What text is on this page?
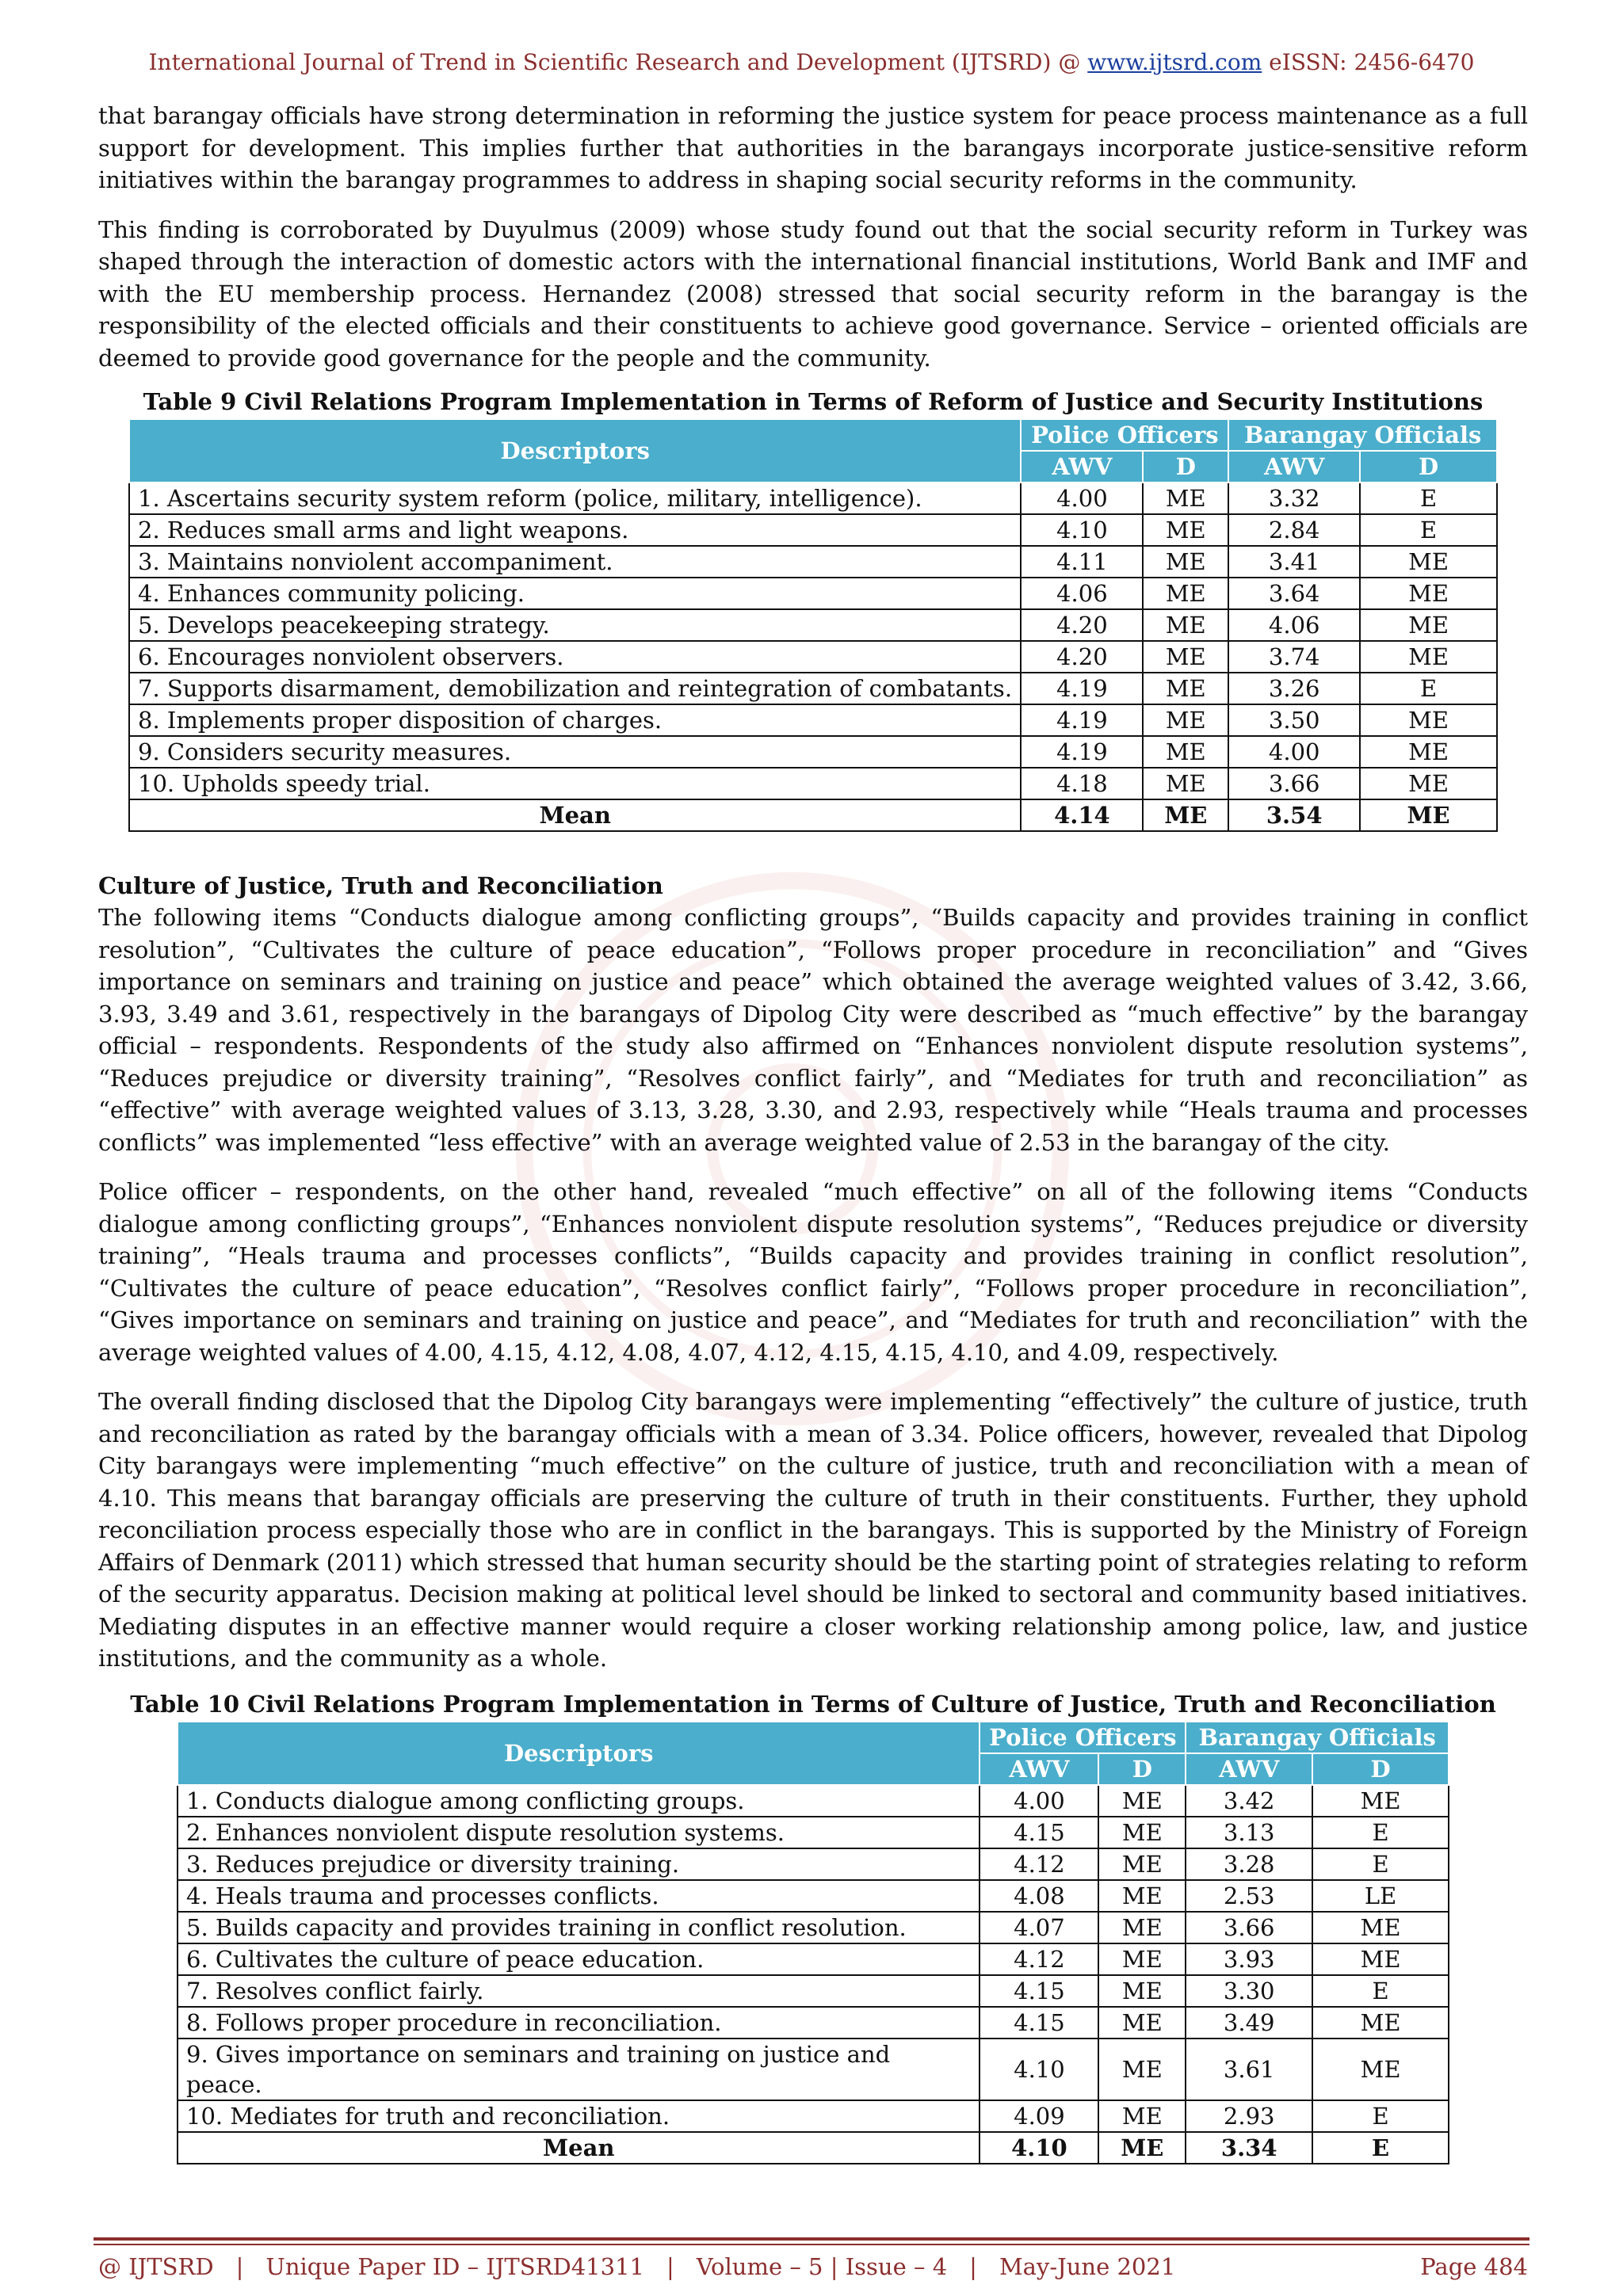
International Journal of Trend in Scientific Research and Development (IJTSRD) @ www.ijtsrd.com eISSN: 2456-6470

that barangay officials have strong determination in reforming the justice system for peace process maintenance as a full support for development. This implies further that authorities in the barangays incorporate justice-sensitive reform initiatives within the barangay programmes to address in shaping social security reforms in the community.

This finding is corroborated by Duyulmus (2009) whose study found out that the social security reform in Turkey was shaped through the interaction of domestic actors with the international financial institutions, World Bank and IMF and with the EU membership process. Hernandez (2008) stressed that social security reform in the barangay is the responsibility of the elected officials and their constituents to achieve good governance. Service – oriented officials are deemed to provide good governance for the people and the community.

Table 9 Civil Relations Program Implementation in Terms of Reform of Justice and Security Institutions
Descriptors	Police Officers		Barangay Officials	
	AWV	D	AWV	D
1. Ascertains security system reform (police, military, intelligence).	4.00	ME	3.32	E
2. Reduces small arms and light weapons.	4.10	ME	2.84	E
3. Maintains nonviolent accompaniment.	4.11	ME	3.41	ME
4. Enhances community policing.	4.06	ME	3.64	ME
5. Develops peacekeeping strategy.	4.20	ME	4.06	ME
6. Encourages nonviolent observers.	4.20	ME	3.74	ME
7. Supports disarmament, demobilization and reintegration of combatants.	4.19	ME	3.26	E
8. Implements proper disposition of charges.	4.19	ME	3.50	ME
9. Considers security measures.	4.19	ME	4.00	ME
10. Upholds speedy trial.	4.18	ME	3.66	ME
Mean	4.14	ME	3.54	ME
Culture of Justice, Truth and Reconciliation

The following items “Conducts dialogue among conflicting groups”, “Builds capacity and provides training in conflict resolution”, “Cultivates the culture of peace education”, “Follows proper procedure in reconciliation” and “Gives importance on seminars and training on justice and peace” which obtained the average weighted values of 3.42, 3.66, 3.93, 3.49 and 3.61, respectively in the barangays of Dipolog City were described as “much effective” by the barangay official – respondents. Respondents of the study also affirmed on “Enhances nonviolent dispute resolution systems”, “Reduces prejudice or diversity training”, “Resolves conflict fairly”, and “Mediates for truth and reconciliation” as “effective” with average weighted values of 3.13, 3.28, 3.30, and 2.93, respectively while “Heals trauma and processes conflicts” was implemented “less effective” with an average weighted value of 2.53 in the barangay of the city.

Police officer – respondents, on the other hand, revealed “much effective” on all of the following items “Conducts dialogue among conflicting groups”, “Enhances nonviolent dispute resolution systems”, “Reduces prejudice or diversity training”, “Heals trauma and processes conflicts”, “Builds capacity and provides training in conflict resolution”, “Cultivates the culture of peace education”, “Resolves conflict fairly”, “Follows proper procedure in reconciliation”, “Gives importance on seminars and training on justice and peace”, and “Mediates for truth and reconciliation” with the average weighted values of 4.00, 4.15, 4.12, 4.08, 4.07, 4.12, 4.15, 4.15, 4.10, and 4.09, respectively.

The overall finding disclosed that the Dipolog City barangays were implementing “effectively” the culture of justice, truth and reconciliation as rated by the barangay officials with a mean of 3.34. Police officers, however, revealed that Dipolog City barangays were implementing “much effective” on the culture of justice, truth and reconciliation with a mean of 4.10. This means that barangay officials are preserving the culture of truth in their constituents. Further, they uphold reconciliation process especially those who are in conflict in the barangays. This is supported by the Ministry of Foreign Affairs of Denmark (2011) which stressed that human security should be the starting point of strategies relating to reform of the security apparatus. Decision making at political level should be linked to sectoral and community based initiatives. Mediating disputes in an effective manner would require a closer working relationship among police, law, and justice institutions, and the community as a whole.

Table 10 Civil Relations Program Implementation in Terms of Culture of Justice, Truth and Reconciliation
Descriptors	Police Officers		Barangay Officials	
	AWV	D	AWV	D
1. Conducts dialogue among conflicting groups.	4.00	ME	3.42	ME
2. Enhances nonviolent dispute resolution systems.	4.15	ME	3.13	E
3. Reduces prejudice or diversity training.	4.12	ME	3.28	E
4. Heals trauma and processes conflicts.	4.08	ME	2.53	LE
5. Builds capacity and provides training in conflict resolution.	4.07	ME	3.66	ME
6. Cultivates the culture of peace education.	4.12	ME	3.93	ME
7. Resolves conflict fairly.	4.15	ME	3.30	E
8. Follows proper procedure in reconciliation.	4.15	ME	3.49	ME
9. Gives importance on seminars and training on justice and peace.	4.10	ME	3.61	ME
10. Mediates for truth and reconciliation.	4.09	ME	2.93	E
Mean	4.10	ME	3.34	E
@ IJTSRD | Unique Paper ID – IJTSRD41311 | Volume – 5 | Issue – 4 | May-June 2021	Page 484
